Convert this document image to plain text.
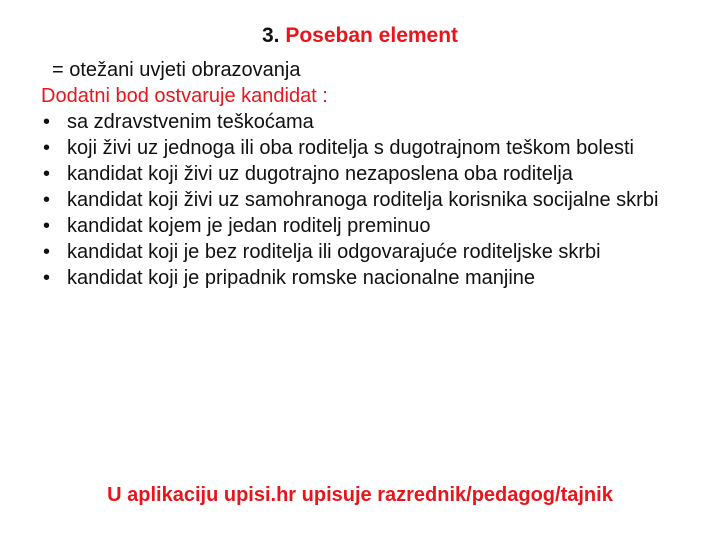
3. Poseban element

= otežani uvjeti obrazovanja

Dodatni bod ostvaruje kandidat :

• sa zdravstvenim teškoćama
• koji živi uz jednoga ili oba roditelja s dugotrajnom teškom bolesti
• kandidat koji živi uz dugotrajno nezaposlena oba roditelja
• kandidat koji živi uz samohranoga roditelja korisnika socijalne skrbi
• kandidat kojem je jedan roditelj preminuo
• kandidat koji je bez roditelja ili odgovarajuće roditeljske skrbi
• kandidat koji je pripadnik romske nacionalne manjine
U aplikaciju upisi.hr upisuje razrednik/pedagog/tajnik
